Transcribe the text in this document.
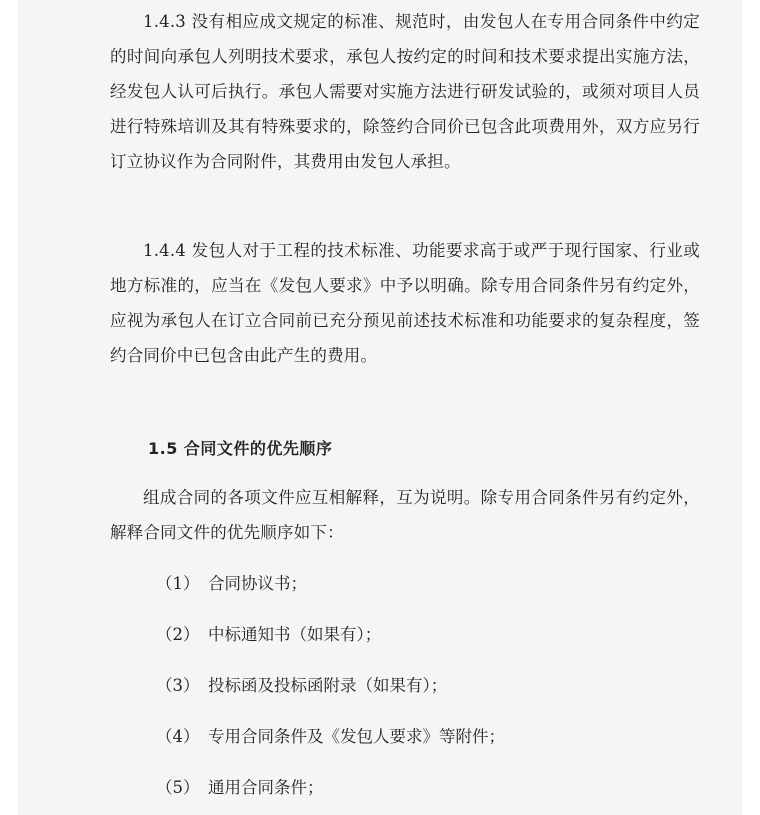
1.4.3 没有相应成文规定的标准、规范时，由发包人在专用合同条件中约定的时间向承包人列明技术要求，承包人按约定的时间和技术要求提出实施方法，经发包人认可后执行。承包人需要对实施方法进行研发试验的，或须对项目人员进行特殊培训及其有特殊要求的，除签约合同价已包含此项费用外，双方应另行订立协议作为合同附件，其费用由发包人承担。

1.4.4 发包人对于工程的技术标准、功能要求高于或严于现行国家、行业或地方标准的，应当在《发包人要求》中予以明确。除专用合同条件另有约定外，应视为承包人在订立合同前已充分预见前述技术标准和功能要求的复杂程度，签约合同价中已包含由此产生的费用。

1.5 合同文件的优先顺序

组成合同的各项文件应互相解释，互为说明。除专用合同条件另有约定外，解释合同文件的优先顺序如下：

（1） 合同协议书；
（2） 中标通知书（如果有）；
（3） 投标函及投标函附录（如果有）；
（4） 专用合同条件及《发包人要求》等附件；
（5） 通用合同条件；
